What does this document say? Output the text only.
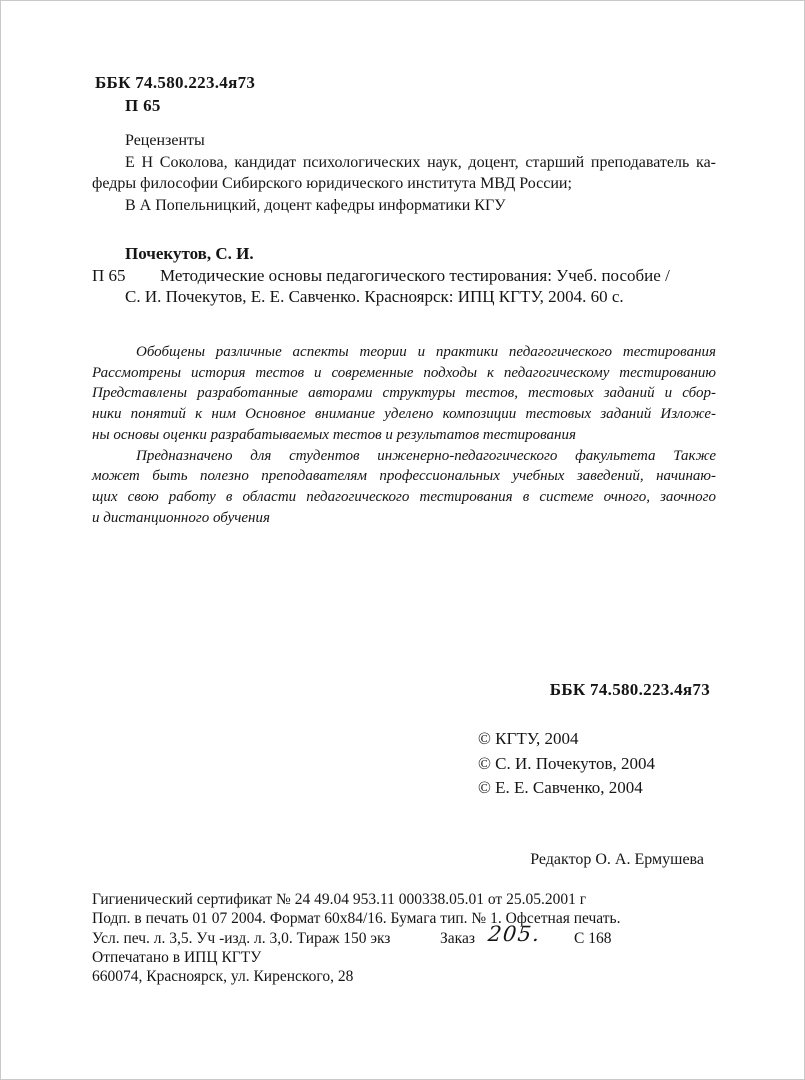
ББК 74.580.223.4я73
П 65
Рецензенты
Е Н Соколова, кандидат психологических наук, доцент, старший преподаватель ка-
федры философии Сибирского юридического института МВД России;
В А Попельницкий, доцент кафедры информатики КГУ
Почекутов, С. И.
П 65 Методические основы педагогического тестирования: Учеб. пособие /
С. И. Почекутов, Е. Е. Савченко. Красноярск: ИПЦ КГТУ, 2004. 60 с.
Обобщены различные аспекты теории и практики педагогического тестирования
Рассмотрены история тестов и современные подходы к педагогическому тестированию
Представлены разработанные авторами структуры тестов, тестовых заданий и сбор-
ники понятий к ним Основное внимание уделено композиции тестовых заданий Изложе-
ны основы оценки разрабатываемых тестов и результатов тестирования
Предназначено для студентов инженерно-педагогического факультета Также
может быть полезно преподавателям профессиональных учебных заведений, начинаю-
щих свою работу в области педагогического тестирования в системе очного, заочного
и дистанционного обучения
ББК 74.580.223.4я73
© КГТУ, 2004
© С. И. Почекутов, 2004
© Е. Е. Савченко, 2004
Редактор О. А. Ермушева
Гигиенический сертификат № 24 49.04 953.11 000338.05.01 от 25.05.2001 г
Подп. в печать 01 07 2004. Формат 60х84/16. Бумага тип. № 1. Офсетная печать.
Усл. печ. л. 3,5. Уч -изд. л. 3,0. Тираж 150 экз	Заказ 205. С 168
Отпечатано в ИПЦ КГТУ
660074, Красноярск, ул. Киренского, 28
